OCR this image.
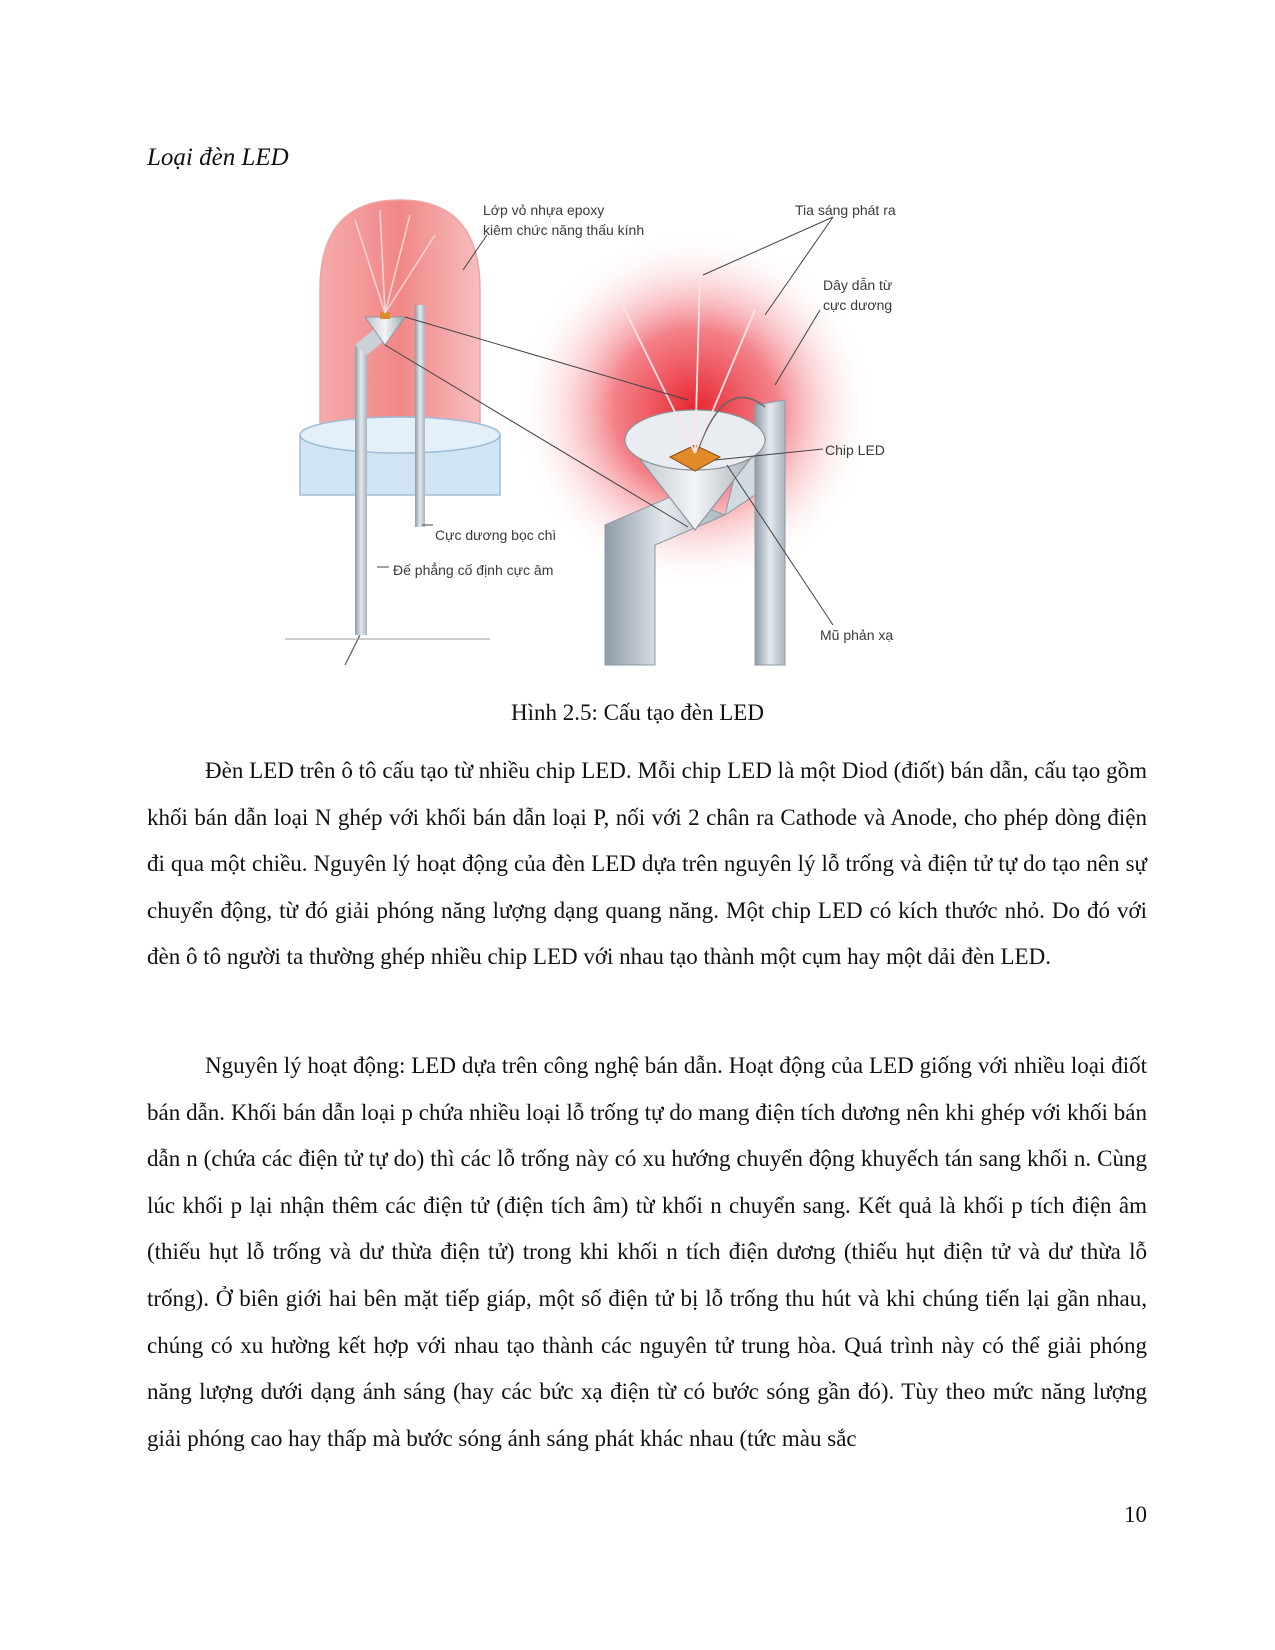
Loại đèn LED
Lớp vỏ nhựa epoxy
kiêm chức năng thấu kính
Tia sáng phát ra
Dây dẫn từ
cực dương
Chip LED
Cực dương bọc chì
Đế phẳng cố định cực âm
Mũ phản xạ

Hình 2.5: Cấu tạo đèn LED

Đèn LED trên ô tô cấu tạo từ nhiều chip LED. Mỗi chip LED là một Diod (điốt) bán dẫn, cấu tạo gồm khối bán dẫn loại N ghép với khối bán dẫn loại P, nối với 2 chân ra Cathode và Anode, cho phép dòng điện đi qua một chiều. Nguyên lý hoạt động của đèn LED dựa trên nguyên lý lỗ trống và điện tử tự do tạo nên sự chuyển động, từ đó giải phóng năng lượng dạng quang năng. Một chip LED có kích thước nhỏ. Do đó với đèn ô tô người ta thường ghép nhiều chip LED với nhau tạo thành một cụm hay một dải đèn LED.

Nguyên lý hoạt động: LED dựa trên công nghệ bán dẫn. Hoạt động của LED giống với nhiều loại điốt bán dẫn. Khối bán dẫn loại p chứa nhiều loại lỗ trống tự do mang điện tích dương nên khi ghép với khối bán dẫn n (chứa các điện tử tự do) thì các lỗ trống này có xu hướng chuyển động khuyếch tán sang khối n. Cùng lúc khối p lại nhận thêm các điện tử (điện tích âm) từ khối n chuyển sang. Kết quả là khối p tích điện âm (thiếu hụt lỗ trống và dư thừa điện tử) trong khi khối n tích điện dương (thiếu hụt điện tử và dư thừa lỗ trống). Ở biên giới hai bên mặt tiếp giáp, một số điện tử bị lỗ trống thu hút và khi chúng tiến lại gần nhau, chúng có xu hường kết hợp với nhau tạo thành các nguyên tử trung hòa. Quá trình này có thể giải phóng năng lượng dưới dạng ánh sáng (hay các bức xạ điện từ có bước sóng gần đó). Tùy theo mức năng lượng giải phóng cao hay thấp mà bước sóng ánh sáng phát khác nhau (tức màu sắc

10
